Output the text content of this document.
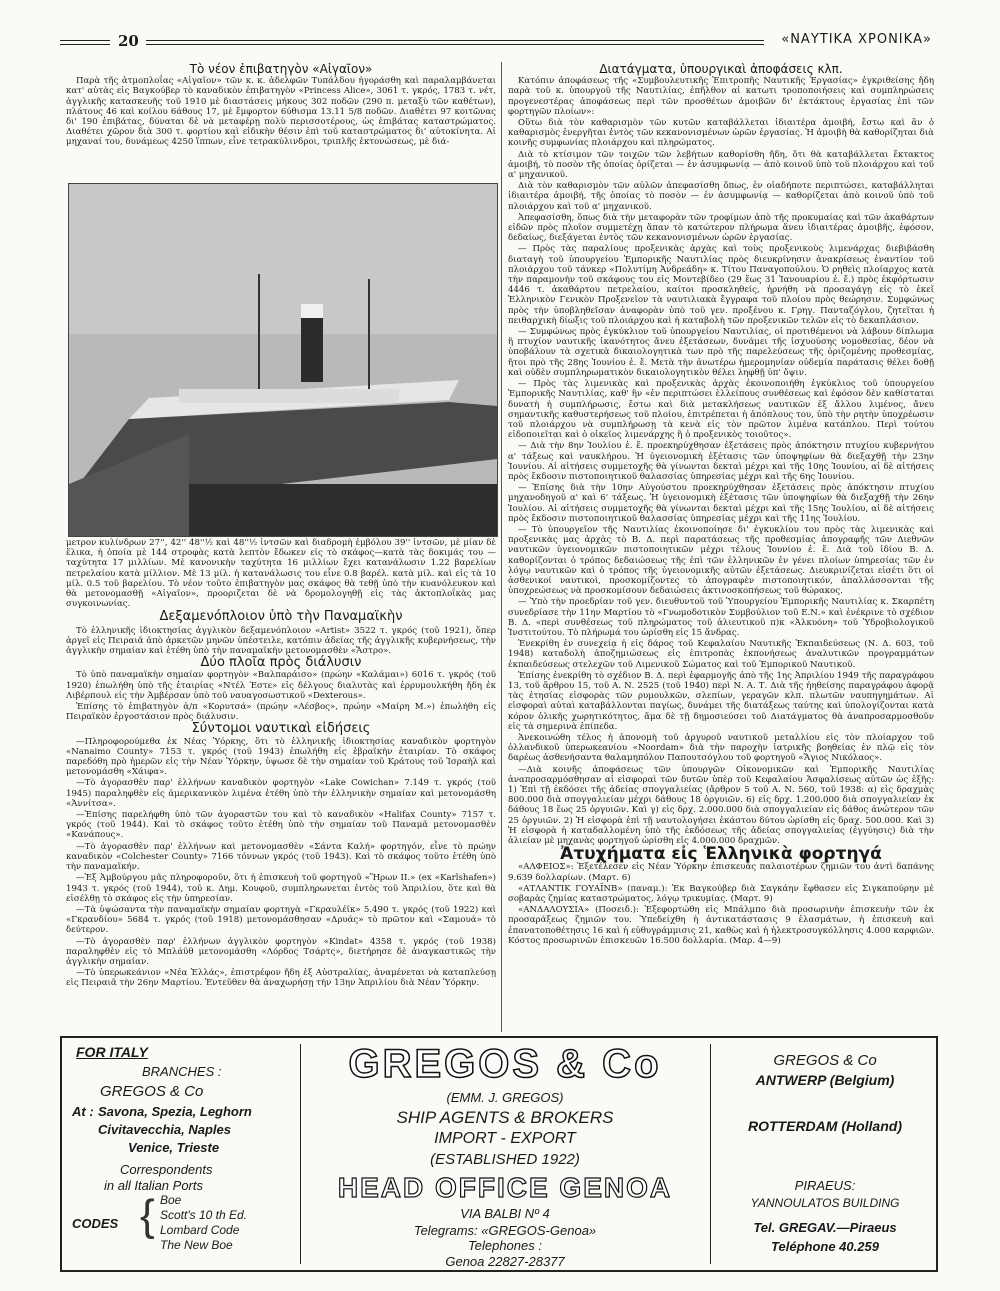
20	«ΝΑΥΤΙΚΑ ΧΡΟΝΙΚΑ»
Τὸ νέον ἐπιβατηγὸν «Αἰγαῖον»

Παρὰ τῆς ἀτμοπλοΐας «Αἰγαῖον» τῶν κ. κ. ἀδελφῶν Τυπάλδου ἠγοράσθη καὶ παραλαμβάνεται κατ' αὐτὰς εἰς Βαγκούβερ τὸ καναδικὸν ἐπιβατηγὸν «Princess Alice», 3061 τ. γκρός, 1783 τ. νέτ, ἀγγλικῆς κατασκευῆς τοῦ 1910 μὲ διαστάσεις μήκους 302 ποδῶν (290 π. μεταξὺ τῶν καθέτων), πλάτους 46 καὶ κοίλου 6άθους 17, μὲ ἔμφορτον 6ύθισμα 13.11 5/8 ποδῶν. Διαθέτει 97 κοιτῶνας δι' 190 ἐπιβάτας, δύναται δὲ νὰ μεταφέρῃ πολὺ περισσοτέρους, ὡς ἐπιβάτας καταστρώματος. Διαθέτει χῶρον διὰ 300 τ. φορτίου καὶ εἰδικὴν θέσιν ἐπὶ τοῦ καταστρώματος δι' αὐτοκίνητα. Αἱ μηχαναί του, δυνάμεως 4250 ἵππων, εἶνε τετρακύλινδροι, τριπλῆς ἐκτονώσεως, μὲ διά-

μετρον κυλίνδρων 27'', 42'' 48''½ καὶ 48''½ ἰντσῶν καὶ διαδρομὴ ἐμβόλου 39'' ἰντσῶν, μὲ μίαν δὲ ἕλικα, ἡ ὁποία μὲ 144 στροφὰς κατὰ λεπτὸν ἔδωκεν εἰς τὸ σκάφος—κατὰ τὰς δοκιμάς του — ταχύτητα 17 μιλλίων. Μὲ κανονικὴν ταχύτητα 16 μιλλίων ἔχει κατανάλωσιν 1.22 βαρελίων πετρελαίου κατὰ μίλλιον. Μὲ 13 μίλ. ἡ κατανάλωσις του εἶνε 0.8 βαρέλ. κατὰ μίλ. καὶ εἰς τὰ 10 μίλ. 0.5 τοῦ βαρελίου. Τὸ νέον τοῦτο ἐπιβατηγὸν μας σκάφος θὰ τεθῇ ὑπὸ τὴν κυανόλευκον καὶ θὰ μετονομασθῇ «Αἰγαῖον», προοριζεται δὲ νὰ δρομολογηθῇ εἰς τὰς ἀκτοπλοΐκὰς μας συγκοινωνίας.

Δεξαμενόπλοιον ὑπὸ τὴν Παναμαϊκὴν

Τὸ ἑλληνικῆς ἰδιοκτησίας ἀγγλικὸν δεξαμενόπλοιον «Artist» 3522 τ. γκρός (τοῦ 1921), ὅπερ ἀργεῖ εἰς Πειραιᾶ ἀπὸ ἀρκετῶν μηνῶν ὑπέστειλε, κατόπιν ἀδείας τῆς ἀγγλικῆς κυβερνήσεως, τὴν ἀγγλικὴν σημαίαν καὶ ἐτέθη ὑπὸ τὴν παναμαϊκὴν μετονομασθὲν «Ἄστρο».

Δύο πλοῖα πρὸς διάλυσιν

Τὸ ὑπὸ παναμαϊκὴν σημαίαν φορτηγὸν «Βαλπαράισο» (πρώην «Καλάμαι») 6016 τ. γκρός (τοῦ 1920) ἐπωλήθη ὑπὸ τῆς ἑταιρίας «Ντέλ Έστε» εἰς δέλγους διαλυτὰς καὶ ἐρρυμουλκήθη ἤδη ἐκ Λιβέρπουλ εἰς τὴν Ἀμβέρσαν ὑπὸ τοῦ ναυαγοσωστικοῦ «Dexterous».

Ἐπίσης τὸ ἐπιβατηγὸν ἀ/π «Κορυτσά» (πρώην «Λέσβος», πρώην «Μαίρη Μ.») ἐπωλήθη εἰς Πειραϊκὸν ἐργοστάσιον πρὸς διάλυσιν.

Σύντομοι ναυτικαὶ εἰδήσεις

—Πληροφορούμεθα ἐκ Νέας Ὑόρκης, ὅτι τὸ ἑλληνικῆς ἰδιοκτησίας καναδικὸν φορτηγὸν «Nanaimo County» 7153 τ. γκρός (τοῦ 1943) ἐπωλήθη εἰς ἑβραϊκὴν ἑταιρίαν. Τὸ σκάφος παρεδόθη πρὸ ἡμερῶν εἰς τὴν Νέαν Ὑόρκην, ὑψωσε δὲ τὴν σημαίαν τοῦ Κράτους τοῦ Ἰσραὴλ καὶ μετονομάσθη «Χάιφα».

—Τὸ ἀγορασθὲν παρ' ἑλλήνων καναδικὸν φορτηγὸν «Lake Cowichan» 7.149 τ. γκρός (τοῦ 1945) παραληφθὲν εἰς ἀμερικανικὸν λιμένα ἐτέθη ὑπὸ τὴν ἑλληνικὴν σημαίαν καὶ μετονομάσθη «Ἀννίτσα».

—Ἐπίσης παρελήφθη ὑπὸ τῶν ἀγοραστῶν του καὶ τὸ καναδικὸν «Halifax County» 7157 τ. γκρός (τοῦ 1944). Καὶ τὸ σκάφος τοῦτο ἐτέθη ὑπὸ τὴν σημαίαν τοῦ Παναμᾶ μετονομασθὲν «Κανάπους».

—Τὸ ἀγορασθὲν παρ' ἑλλήνων καὶ μετονομασθὲν «Σάντα Καλή» φορτηγόν, εἶνε τὸ πρώην καναδικὸν «Colchester County» 7166 τόννων γκρός (τοῦ 1943). Καὶ τὸ σκάφος τοῦτο ἐτέθη ὑπὸ τὴν παναμαϊκήν.

—Ἐξ Ἀμβούργου μᾶς πληροφοροῦν, ὅτι ἡ ἐπισκευὴ τοῦ φορτηγοῦ «Ἥρων ΙΙ.» (ex «Karlshafen») 1943 τ. γκρός (τοῦ 1944), τοῦ κ. Δημ. Κουφοῦ, συμπληρωνεται ἐντὸς τοῦ Ἀπριλίου, ὅτε καὶ θὰ εἰσέλθῃ τὸ σκάφος εἰς τὴν ὑπηρεσίαν.

—Τὰ ὑψώσαντα τὴν παναμαϊκὴν σημαίαν φορτηγὰ «Γκραυλέϊκ» 5.490 τ. γκρός (τοῦ 1922) καὶ «Γκρανδίου» 5684 τ. γκρός (τοῦ 1918) μετονομάσθησαν «Δρυάς» τὸ πρῶτον καὶ «Σαμουά» τὸ δεύτερον.

—Τὸ ἀγορασθὲν παρ' ἑλλήνων ἀγγλικὸν φορτηγὸν «Kindat» 4358 τ. γκρός (τοῦ 1938) παραληφθὲν εἰς τὸ Μπλάϋθ μετονομάσθη «Λόρδος Τσάρτς», διετήρησε δὲ ἀναγκαστικῶς τὴν ἀγγλικὴν σημαίαν.

—Τὸ ὑπερωκεάνιον «Νέα Ἑλλάς», ἐπιστρέφον ἤδη ἐξ Αὐστραλίας, ἀναμένεται νὰ καταπλεύσῃ εἰς Πειραιᾶ τὴν 26ην Μαρτίου. Ἐντεῦθεν θὰ ἀναχωρήσῃ τὴν 13ην Ἀπριλίου διὰ Νέαν Ὑόρκην.

Διατάγματα, ὑπουργικαὶ ἀποφάσεις κλπ.

Κατόπιν ἀποφάσεως τῆς «Συμβουλευτικῆς Ἐπιτροπῆς Ναυτικῆς Ἐργασίας» ἐγκριθείσης ἤδη παρὰ τοῦ κ. ὑπουργοῦ τῆς Ναυτιλίας, ἐπῆλθον αἱ κατωτι τροποποιήσεις καὶ συμπληρώσεις προγενεστέρας ἀποφάσεως περὶ τῶν προσθέτων ἀμοιβῶν δι' ἐκτάκτους ἐργασίας ἐπὶ τῶν φορτηγῶν πλοίων»:

Οὕτω διὰ τὸν καθαρισμὸν τῶν κυτῶν καταβάλλεται ἰδιαιτέρα ἀμοιβή, ἔστω καὶ ἂν ὁ καθαρισμὸς ἐνεργῆται ἐντὸς τῶν κεκανονισμένων ὡρῶν ἐργασίας. Ἡ ἀμοιβὴ θὰ καθορίζηται διὰ κοινῆς συμφωνίας πλοιάρχου καὶ πληρώματος.

Διὰ τὸ κτίσιμον τῶν τοιχῶν τῶν λεβήτων καθορίσθη ἤδη, ὅτι θὰ καταβάλλεται ἔκτακτος ἀμοιβή, τὸ ποσὸν τῆς ὁποίας ὁρίζεται — ἐν ἀσυμφωνίᾳ — ἀπὸ κοινοῦ ὑπὸ τοῦ πλοιάρχου καὶ τοῦ α' μηχανικοῦ.

Διὰ τὸν καθαρισμὸν τῶν αὐλῶν ἀπεφασίσθη ὅπως, ἐν οἱαδήποτε περιπτώσει, καταβάλληται ἰδιαιτέρα ἀμοιβή, τῆς ὁποίας τὸ ποσὸν — ἐν ἀσυμφωνίᾳ — καθορίζεται ἀπὸ κοινοῦ ὑπὸ τοῦ πλοιάρχου καὶ τοῦ α' μηχανικοῦ.

Ἀπεφασίσθη, ὅπως διὰ τὴν μεταφορὰν τῶν τροφίμων ἀπὸ τῆς προκυμαίας καὶ τῶν ἀκαθάρτων εἰδῶν πρὸς πλοῖον συμμετέχῃ ἅπαν τὸ κατώτερον πλήρωμα ἄνευ ἰδιαιτέρας ἀμοιβῆς, ἐφόσον, δεδαίως, διεξάγεται ἐντὸς τῶν κεκανονισμένων ὡρῶν ἐργασίας.

— Πρὸς τὰς παραλίους προξενικὰς ἀρχὰς καὶ τοὺς προξενικοὺς λιμενάρχας διεβιβάσθη διαταγὴ τοῦ ὑπουργείου Ἐμπορικῆς Ναυτιλίας πρὸς διευκρίνησιν ἀνακρίσεως ἐναντίον τοῦ πλοιάρχου τοῦ τάνκερ «Πολυτίμη Ἀνδρεάδη» κ. Τίτου Παναγοπούλου. Ὁ ρηθεὶς πλοίαρχος κατὰ τὴν παραμονὴν τοῦ σκάφους του εἰς Μοντεβίδεο (29 ἕως 31 Ἰανουαρίου ἐ. ἔ.) πρὸς ἐκφόρτωσιν 4446 τ. ἀκαθάρτου πετρελαίου, καίτοι προσκληθείς, ἠρνήθη νὰ προσαγάγῃ εἰς τὸ ἐκεῖ Ἑλληνικὸν Γενικὸν Προξενεῖον τὰ ναυτιλιακὰ ἔγγραφα τοῦ πλοίου πρὸς θεώρησιν. Συμφώνως πρὸς τὴν ὑποβληθεῖσαν ἀναφορὰν ὑπὸ τοῦ γεν. προξένου κ. Γρηγ. Πανταζόγλου, ζητεῖται ἡ πειθαρχικὴ δίωξις τοῦ πλοιάρχου καὶ ἡ καταβολὴ τῶν προξενικῶν τελῶν εἰς τὸ δεκαπλάσιον.

— Συμφώνως πρὸς ἐγκύκλιον τοῦ ὑπουργείου Ναυτιλίας, οἱ προτιθέμενοι νὰ λάβουν δίπλωμα ἢ πτυχίον ναυτικῆς ἱκανότητος ἄνευ ἐξετάσεων, δυνάμει τῆς ἰσχυούσης νομοθεσίας, δέον νὰ ὑποβάλουν τὰ σχετικὰ δικαιολογητικὰ των πρὸ τῆς παρελεύσεως τῆς ὁριζομένης προθεσμίας, ἤτοι πρὸ τῆς 28ης Ἰουνίου ἐ. ἔ. Μετὰ τὴν ἀνωτέρω ἡμερομηνίαν οὐδεμία παράτασις θέλει δοθῇ καὶ οὐδὲν συμπληρωματικὸν δικαιολογητικὸν θέλει ληφθῇ ὑπ' ὄψιν.

— Πρὸς τὰς λιμενικὰς καὶ προξενικὰς ἀρχὰς ἐκοινοποιήθη ἐγκύκλιος τοῦ ὑπουργείου Ἐμπορικῆς Ναυτιλίας, καθ' ἣν «ἐν περιπτώσει ἐλλείπους συνθέσεως καὶ ἐφόσον δὲν καθίσταται δυνατὴ ἡ συμπλήρωσις, ἔστω καὶ διὰ μετακλήσεως ναυτικῶν ἐξ ἄλλου λιμένος, ἄνευ σημαντικῆς καθυστερήσεως τοῦ πλοίου, ἐπιτρέπεται ἡ ἀπόπλους του, ὑπὸ τὴν ρητὴν ὑποχρέωσιν τοῦ πλοιάρχου νὰ συμπλήρωσῃ τὰ κενὰ εἰς τὸν πρῶτον λιμένα κατάπλου. Περὶ τούτου εἰδοποιεῖται καὶ ὁ οἰκεῖος λιμενάρχης ἢ ὁ προξενικὸς τοιοῦτος».

— Διὰ τὴν 8ην Ἰουλίου ἐ. ἔ. προεκηρύχθησαν ἐξετάσεις πρὸς ἀπόκτησιν πτυχίου κυβερνήτου α' τάξεως καὶ ναυκλήρου. Ἡ ὑγειονομικὴ ἐξέτασις τῶν ὑποψηφίων θὰ διεξαχθῇ τὴν 23ην Ἰουνίου. Αἱ αἰτήσεις συμμετοχῆς θὰ γίνωνται δεκταὶ μέχρι καὶ τῆς 10ης Ἰουνίου, αἱ δὲ αἰτήσεις πρὸς ἔκδοσιν πιστοποιητικοῦ θαλασσίας ὑπηρεσίας μέχρι καὶ τῆς 6ης Ἰουνίου.

— Ἐπίσης διὰ τὴν 10ην Αὐγούστου προεκηρύχθησαν ἐξετάσεις πρὸς ἀπόκτησιν πτυχίου μηχανοδηγοῦ α' καὶ 6' τάξεως. Ἡ ὑγειονομικὴ ἐξέτασις τῶν ὑποψηφίων θὰ διεξαχθῇ τὴν 26ην Ἰουλίου. Αἱ αἰτήσεις συμμετοχῆς θὰ γίνωνται δεκταὶ μέχρι καὶ τῆς 15ης Ἰουλίου, αἱ δὲ αἰτήσεις πρὸς ἔκδοσιν πιστοποιητικοῦ θαλασσίας ὑπηρεσίας μέχρι καὶ τῆς 11ης Ἰουλίου.

— Τὸ ὑπουργεῖον τῆς Ναυτιλίας ἐκοινοποίησε δι' ἐγκυκλίου του πρὸς τὰς λιμενικὰς καὶ προξενικὰς μας ἀρχὰς τὸ Β. Δ. περὶ παρατάσεως τῆς προθεσμίας ἀπογραφῆς τῶν Διεθνῶν ναυτικῶν ὑγειονομικῶν πιστοποιητικῶν μέχρι τέλους Ἰουνίου ἐ. ἔ. Διὰ τοῦ ἰδίου Β. Δ. καθορίζονται ὁ τρόπος δεδαιώσεως τῆς ἐπὶ τῶν ἑλληνικῶν ἐν γένει πλοίων ὑπηρεσίας τῶν ἐν λόγῳ ναυτικῶν καὶ ὁ τρόπος τῆς ὑγειονομικῆς αὐτῶν ἐξετάσεως. Διευκρινίζεται εἰσέτι ὅτι οἱ ἀσθενικοί ναυτικοὶ, προσκομίζοντες τὸ ἀπογραφὲν πιστοποιητικόν, ἀπαλλάσσονται τῆς ὑποχρεώσεως νὰ προσκομίσουν δεδαιώσεις ἀκτινοσκοπήσεως τοῦ θώρακος.

— Ὑπὸ τὴν προεδρίαν τοῦ γεν. διευθυντοῦ τοῦ Ὑπουργείου Ἐμπορικῆς Ναυτιλίας κ. Σκαρπέτη συνεδρίασε τὴν 11ην Μαρτίου τὸ «Γνωμοδοτικὸν Συμβούλιον τοῦ Ε.Ν.» καὶ ἐνέκρινε τὸ σχέδιον Β. Δ. «περὶ συνθέσεως τοῦ πληρώματος τοῦ ἁλιευτικοῦ π)κ «Ἀλκυόνη» τοῦ Ὑδροβιολογικοῦ Ἰνστιτούτου. Τὸ πλήρωμά του ὡρίσθη εἰς 15 ἄνδρας.

Ἐνεκρίθη ἐν συνεχείᾳ ἡ εἰς δάρος τοῦ Κεφαλαίου Ναυτικῆς Ἐκπαιδεύσεως (Ν. Δ. 603, τοῦ 1948) καταδολὴ ἀποζημιώσεως εἰς ἐπιτροπὰς ἐκπονήσεως ἀναλυτικῶν προγραμμάτων ἐκπαιδεύσεως στελεχῶν τοῦ Λιμενικοῦ Σώματος καὶ τοῦ Ἐμπορικοῦ Ναυτικοῦ.

Ἐπίσης ἐνεκρίθη τὸ σχέδιον Β. Δ. περὶ ἐφαρμογῆς ἀπὸ τῆς 1ης Ἀπριλίου 1949 τῆς παραγράφου 13, τοῦ ἄρθρου 15, τοῦ Α. Ν. 2525 (τοῦ 1940) περὶ Ν. Α. Τ. Διὰ τῆς ἠηθείσης παραγράφου ἀφορᾷ τὰς ἐτησίας εἰσφορὰς τῶν ρυμουλκῶν, σλεπίων, γεραγῶν κλπ. πλωτῶν ναυπηγημάτων. Αἱ εἰσφοραὶ αὐταὶ καταβάλλονται παγίως, δυνάμει τῆς διατάξεως ταύτης καὶ ὑπολογίζονται κατὰ κόρον ὁλικῆς χωρητικότητος, ἅμα δὲ τῇ δημοσιεύσει τοῦ Διατάγματος θὰ ἀναπροσαρμοσθοῦν εἰς τὰ σημερινὰ ἐπίπεδα.

Ἀνεκοινώθη τέλος ἡ ἀπονομὴ τοῦ ἀργυροῦ ναυτικοῦ μεταλλίου εἰς τὸν πλοίαρχον τοῦ ὁλλανδικοῦ ὑπερωκεανίου «Noordam» διὰ τὴν παροχὴν ἰατρικῆς βοηθείας ἐν πλῷ εἰς τὸν δαρέως ἀσθενήσαντα θαλαμηπόλον Παπουτσόγλου τοῦ φορτηγοῦ «Ἅγιος Νικόλαος».

—Διὰ κοινῆς ἀποφάσεως τῶν ὑπουργῶν Οἰκονομικῶν καὶ Ἐμπορικῆς Ναυτιλίας ἀναπροσαρμόσθησαν αἱ εἰσφοραὶ τῶν δυτῶν ὑπὲρ τοῦ Κεφαλαίου Ἀσφαλίσεως αὐτῶν ὡς ἑξῆς: 1) Ἐπὶ τῇ ἐκδόσει τῆς ἀδείας σπογγαλιείας (ἄρθρον 5 τοῦ Α. Ν. 560, τοῦ 1938: α) εἰς δραχμὰς 800.000 διὰ σπογγαλιείαν μέχρι δάθους 18 ὀργυιῶν. 6) εἰς δρχ. 1.200.000 διὰ σπογγαλιείαν ἐκ δάθους 18 ἕως 25 ὀργυιῶν. Καὶ γ) εἰς δρχ. 2.000.000 διὰ σπογγαλιείαν εἰς δάθος ἀνώτερον τῶν 25 ὀργυιῶν. 2) Ἡ εἰσφορὰ ἐπὶ τῇ ναυτολογήσει ἑκάστου δύτου ὡρίσθη εἰς δραχ. 500.000. Καὶ 3) Ἡ εἰσφορὰ ἡ καταδαλλομένη ὑπὸ τῆς ἐκδόσεως τῆς ἀδείας σπογγαλιείας (ἐγγύησις) διὰ τὴν ἁλιείαν μὲ μηχανὰς φορτηγοῦ ὡρίσθη εἰς 4.000.000 δραχμῶν.

Ἀτυχήματα εἰς Ἑλληνικὰ φορτηγά

«ΑΛΦΕΙΟΣ»: Ἐξετέλεσεν εἰς Νέαν Ὑόρκην ἐπισκευὰς παλαιοτέρων ζημιῶν του ἀντὶ δαπάνης 9.639 δολλαρίων. (Μαρτ. 6)

«ΑΤΛΑΝΤΙΚ ΓΟΥΑΪΝΒ» (παναμ.): Ἐκ Βαγκούβερ διὰ Σαγκάην ἔφθασεν εἰς Σιγκαπούρην μὲ σοβαρὰς ζημίας καταστρώματος, λόγῳ τρικυμίας. (Μαρτ. 9)

«ΑΝΔΑΛΟΥΣΙΑ» (Ποσειδ.): Ἐξεφορτώθη εἰς Μπάλμπο διὰ προσωρινὴν ἐπισκευὴν τῶν ἐκ προσαράξεως ζημιῶν του. Ὑπεδείχθη ἡ ἀντικατάστασις 9 ἐλασμάτων, ἡ ἐπισκευὴ καὶ ἐπανατοποθέτησις 16 καὶ ἡ εὐθυγράμμισις 21, καθὼς καὶ ἡ ἠλεκτροσυγκόλλησις 4.000 καρφιῶν. Κόστος προσωρινῶν ἐπισκευῶν 16.500 δολλαρία. (Μαρ. 4—9)

FOR ITALY
BRANCHES :
GREGOS & Co
At : Savona, Spezia, Leghorn
Civitavecchia, Naples
Venice, Trieste
Correspondents
in all Italian Ports
CODES { Boe
Scott's 10 th Ed.
Lombard Code
The New Boe
GREGOS & Co
(EMM. J. GREGOS)
SHIP AGENTS & BROKERS
IMPORT - EXPORT
(ESTABLISHED 1922)
HEAD OFFICE GENOA
VIA BALBI Nº 4
Telegrams: «GREGOS-Genoa»
Telephones :
Genoa 22827-28377
GREGOS & Co
ANTWERP (Belgium)
ROTTERDAM (Holland)
PIRAEUS:
YANNOULATOS BUILDING
Tel. GREGAV.—Piraeus
Teléphone 40.259
